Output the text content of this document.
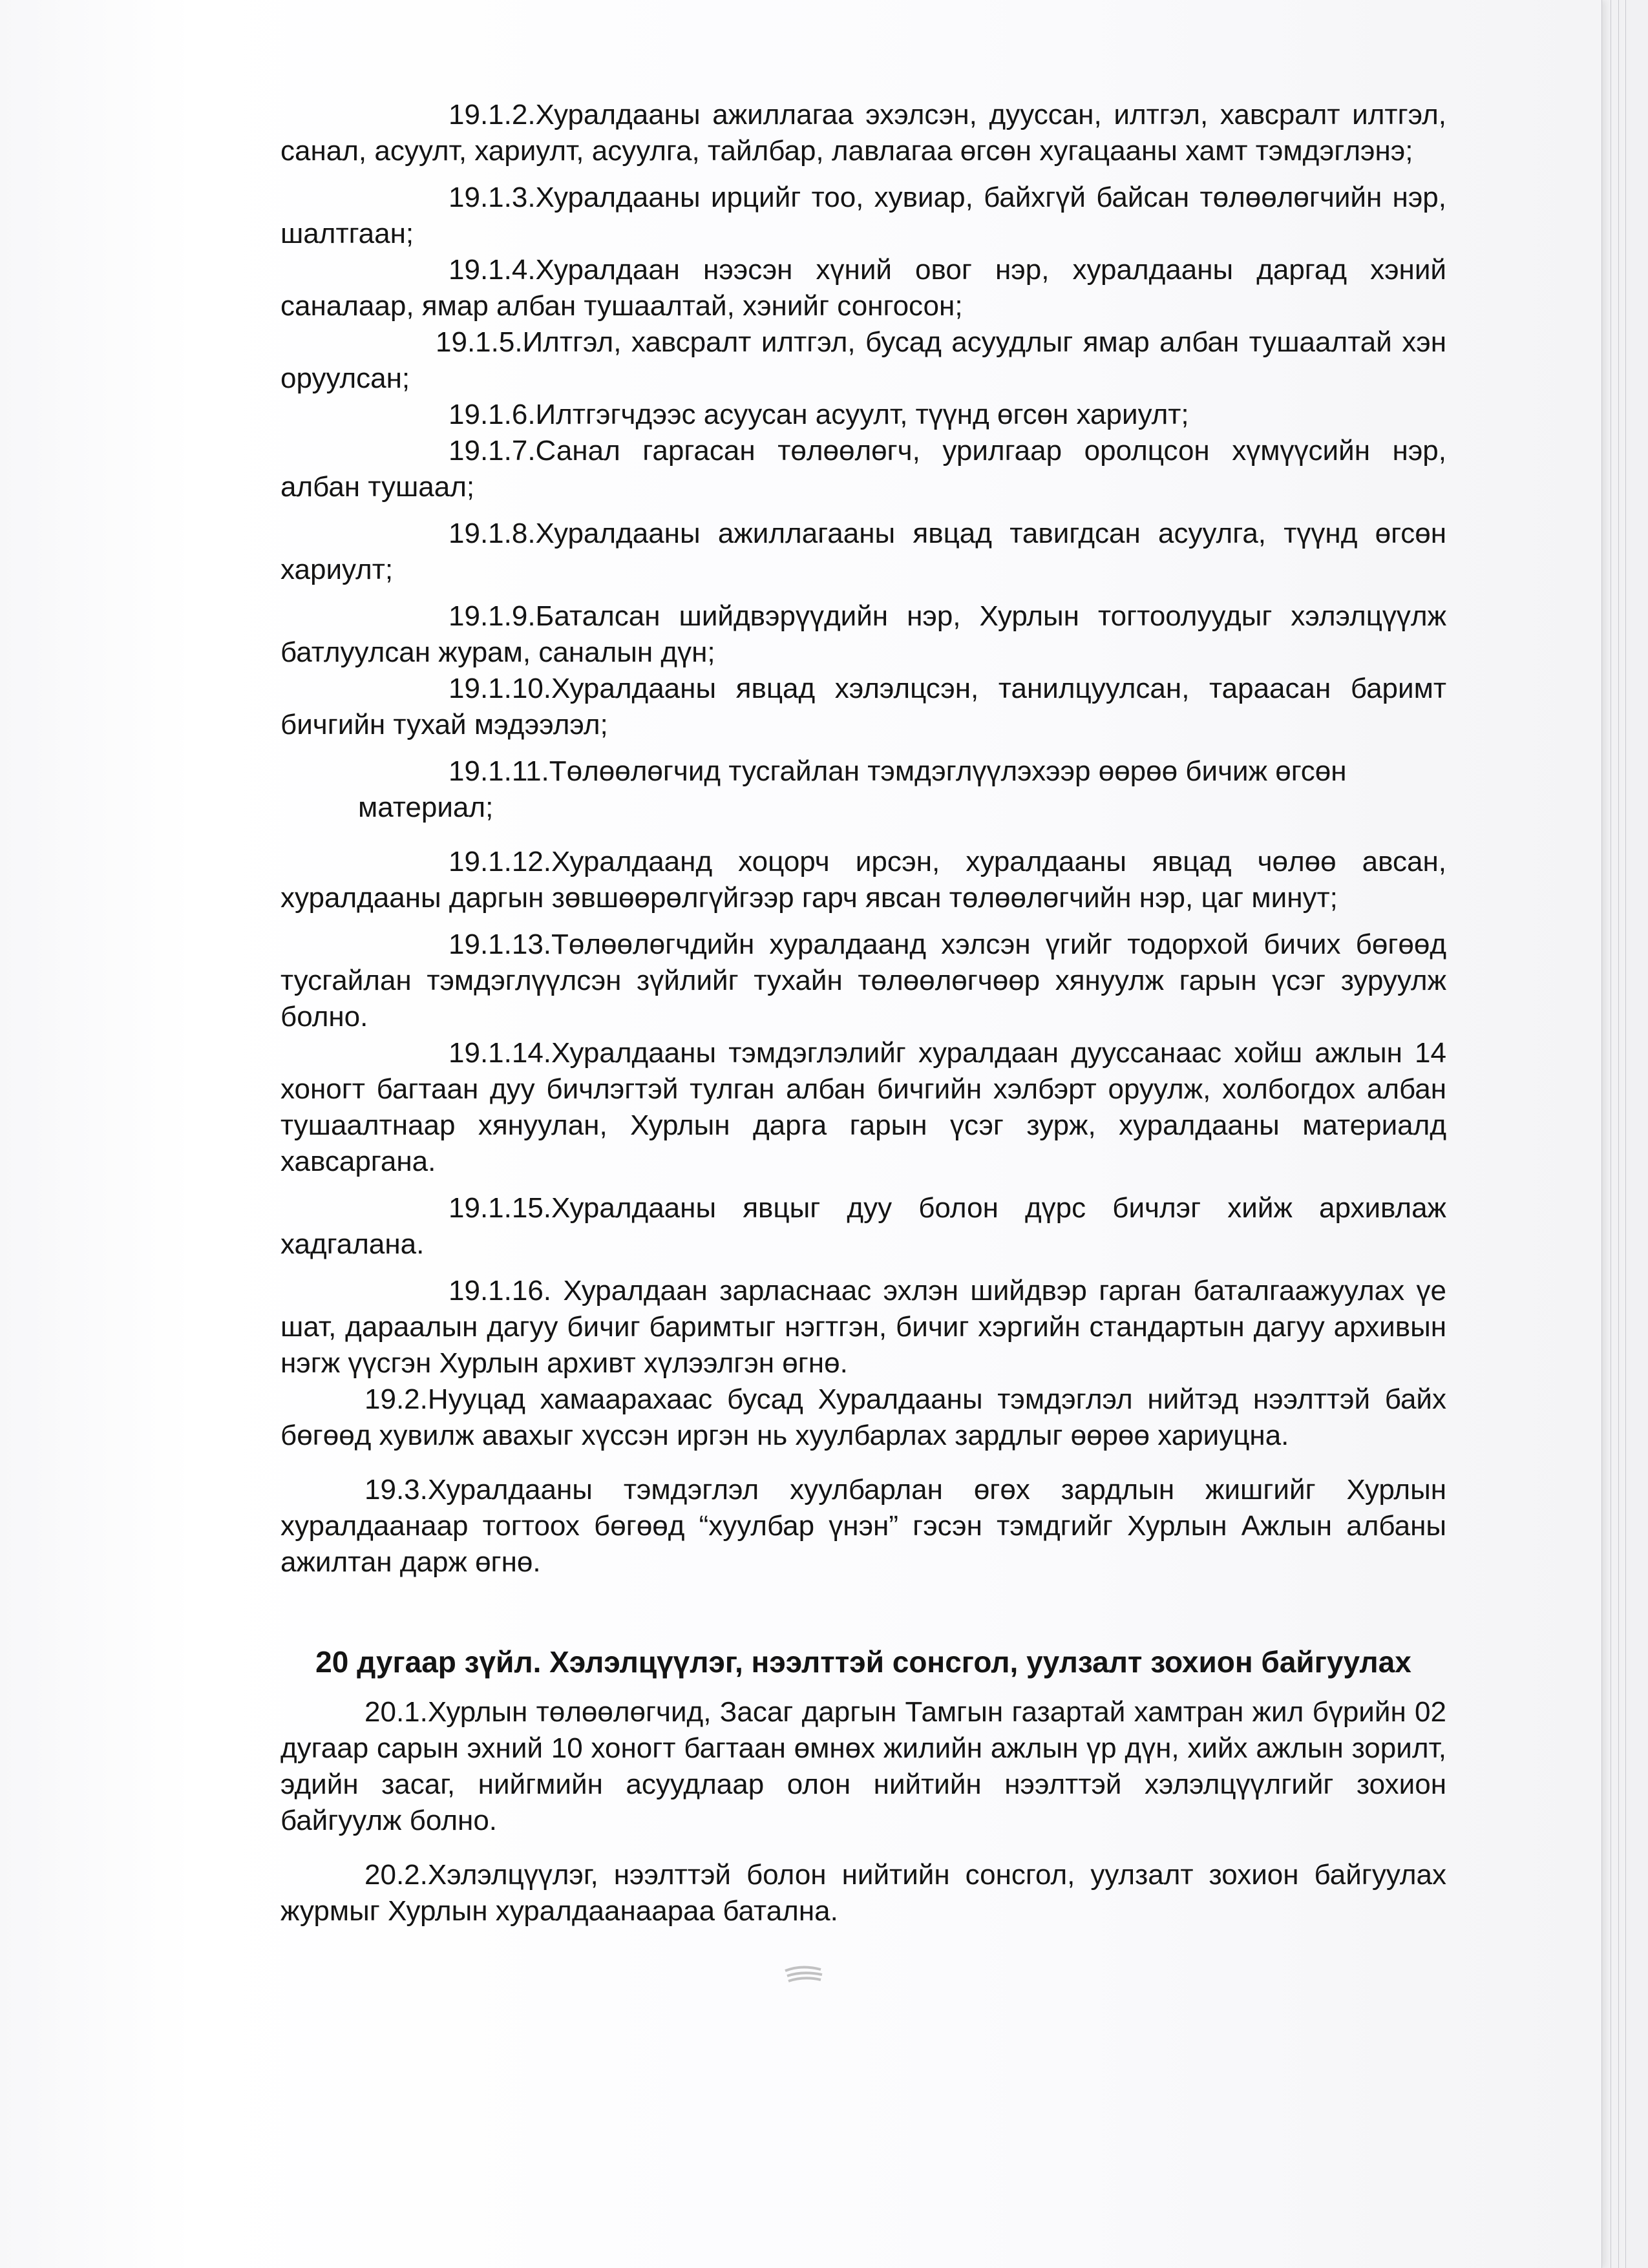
19.1.2.Хуралдааны ажиллагаа эхэлсэн, дууссан, илтгэл, хавсралт илтгэл, санал, асуулт, хариулт, асуулга, тайлбар, лавлагаа өгсөн хугацааны хамт тэмдэглэнэ;

19.1.3.Хуралдааны ирцийг тоо, хувиар, байхгүй байсан төлөөлөгчийн нэр, шалтгаан;

19.1.4.Хуралдаан нээсэн хүний овог нэр, хуралдааны даргад хэний саналаар, ямар албан тушаалтай, хэнийг сонгосон;

19.1.5.Илтгэл, хавсралт илтгэл, бусад асуудлыг ямар албан тушаалтай хэн оруулсан;

19.1.6.Илтгэгчдээс асуусан асуулт, түүнд өгсөн хариулт;

19.1.7.Санал гаргасан төлөөлөгч, урилгаар оролцсон хүмүүсийн нэр, албан тушаал;

19.1.8.Хуралдааны ажиллагааны явцад тавигдсан асуулга, түүнд өгсөн хариулт;

19.1.9.Баталсан шийдвэрүүдийн нэр, Хурлын тогтоолуудыг хэлэлцүүлж батлуулсан журам, саналын дүн;

19.1.10.Хуралдааны явцад хэлэлцсэн, танилцуулсан, тараасан баримт бичгийн тухай мэдээлэл;

19.1.11.Төлөөлөгчид тусгайлан тэмдэглүүлэхээр өөрөө бичиж өгсөн

материал;

19.1.12.Хуралдаанд хоцорч ирсэн, хуралдааны явцад чөлөө авсан, хуралдааны даргын зөвшөөрөлгүйгээр гарч явсан төлөөлөгчийн нэр, цаг минут;

19.1.13.Төлөөлөгчдийн хуралдаанд хэлсэн үгийг тодорхой бичих бөгөөд тусгайлан тэмдэглүүлсэн зүйлийг тухайн төлөөлөгчөөр хянуулж гарын үсэг зуруулж болно.

19.1.14.Хуралдааны тэмдэглэлийг хуралдаан дууссанаас хойш ажлын 14 хоногт багтаан дуу бичлэгтэй тулган албан бичгийн хэлбэрт оруулж, холбогдох албан тушаалтнаар хянуулан, Хурлын дарга гарын үсэг зурж, хуралдааны материалд хавсаргана.

19.1.15.Хуралдааны явцыг дуу болон дүрс бичлэг хийж архивлаж хадгалана.

19.1.16. Хуралдаан зарласнаас эхлэн шийдвэр гарган баталгаажуулах үе шат, дараалын дагуу бичиг баримтыг нэгтгэн, бичиг хэргийн стандартын дагуу архивын нэгж үүсгэн Хурлын архивт хүлээлгэн өгнө.

19.2.Нууцад хамаарахаас бусад Хуралдааны тэмдэглэл нийтэд нээлттэй байх бөгөөд хувилж авахыг хүссэн иргэн нь хуулбарлах зардлыг өөрөө хариуцна.

19.3.Хуралдааны тэмдэглэл хуулбарлан өгөх зардлын жишгийг Хурлын хуралдаанаар тогтоох бөгөөд “хуулбар үнэн” гэсэн тэмдгийг Хурлын Ажлын албаны ажилтан дарж өгнө.

20 дугаар зүйл. Хэлэлцүүлэг, нээлттэй сонсгол, уулзалт зохион байгуулах

20.1.Хурлын төлөөлөгчид, Засаг даргын Тамгын газартай хамтран жил бүрийн 02 дугаар сарын эхний 10 хоногт багтаан өмнөх жилийн ажлын үр дүн, хийх ажлын зорилт, эдийн засаг, нийгмийн асуудлаар олон нийтийн нээлттэй хэлэлцүүлгийг зохион байгуулж болно.

20.2.Хэлэлцүүлэг, нээлттэй болон нийтийн сонсгол, уулзалт зохион байгуулах журмыг Хурлын хуралдаанаараа батална.
